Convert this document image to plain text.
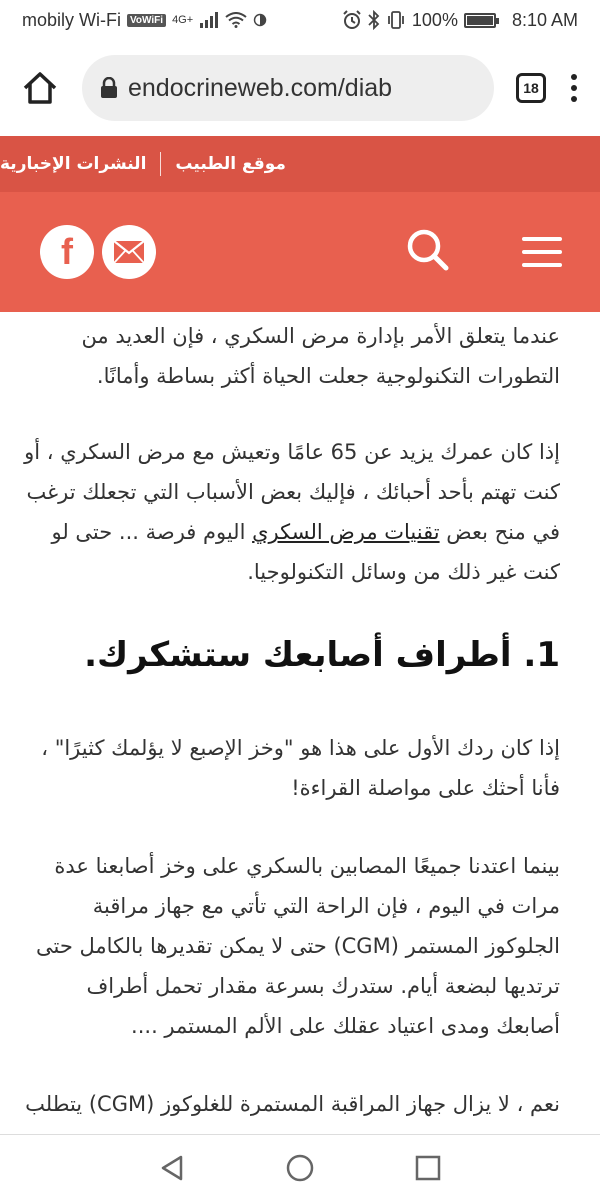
mobily Wi-Fi VoWiFi 4G+	100%	8:10 AM
endocrineweb.com/diab	18
موقع الطبيب
النشرات الإخبارية
f

عندما يتعلق الأمر بإدارة مرض السكري ، فإن العديد من التطورات التكنولوجية جعلت الحياة أكثر بساطة وأمانًا.

إذا كان عمرك يزيد عن 65 عامًا وتعيش مع مرض السكري ، أو كنت تهتم بأحد أحبائك ، فإليك بعض الأسباب التي تجعلك ترغب في منح بعض تقنيات مرض السكري اليوم فرصة ... حتى لو كنت غير ذلك من وسائل التكنولوجيا.

1. أطراف أصابعك ستشكرك.

إذا كان ردك الأول على هذا هو "وخز الإصبع لا يؤلمك كثيرًا" ، فأنا أحثك على مواصلة القراءة!

بينما اعتدنا جميعًا المصابين بالسكري على وخز أصابعنا عدة مرات في اليوم ، فإن الراحة التي تأتي مع جهاز مراقبة الجلوكوز المستمر (CGM) حتى لا يمكن تقديرها بالكامل حتى ترتديها لبضعة أيام. ستدرك بسرعة مقدار تحمل أطراف أصابعك ومدى اعتياد عقلك على الألم المستمر ....

نعم ، لا يزال جهاز المراقبة المستمرة للغلوكوز (CGM) يتطلب
